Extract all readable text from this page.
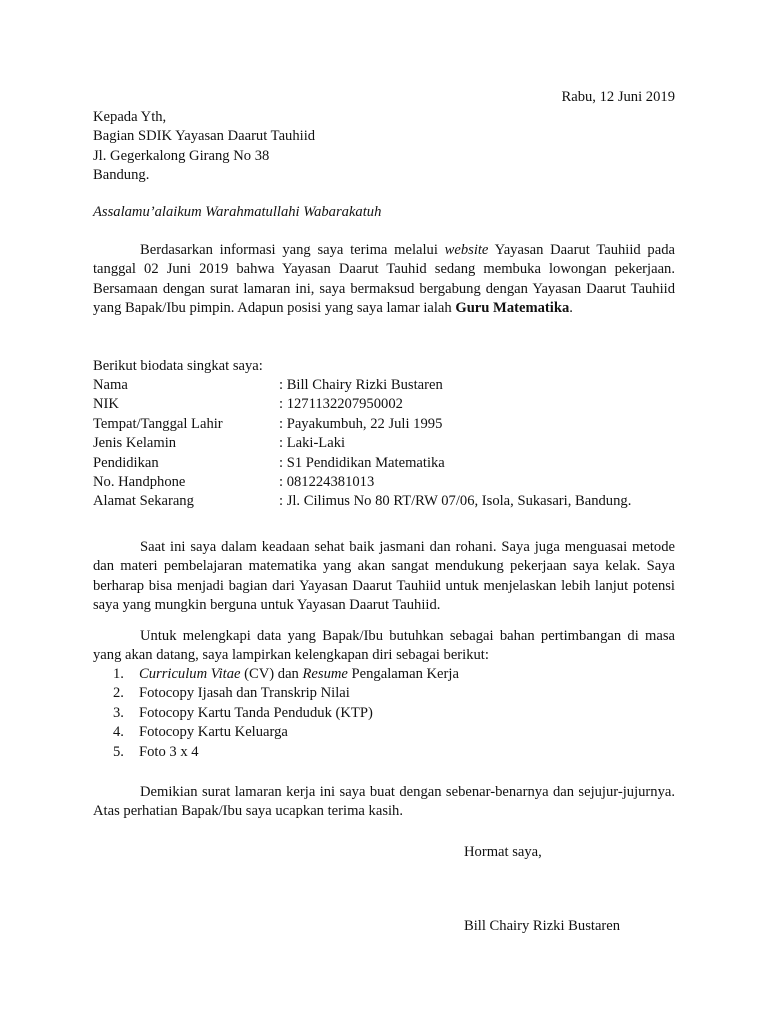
Rabu, 12 Juni 2019
Kepada Yth,
Bagian SDIK Yayasan Daarut Tauhiid
Jl. Gegerkalong Girang No 38
Bandung.
Assalamu’alaikum Warahmatullahi Wabarakatuh

Berdasarkan informasi yang saya terima melalui website Yayasan Daarut Tauhiid pada tanggal 02 Juni 2019 bahwa Yayasan Daarut Tauhid sedang membuka lowongan pekerjaan. Bersamaan dengan surat lamaran ini, saya bermaksud bergabung dengan Yayasan Daarut Tauhiid yang Bapak/Ibu pimpin. Adapun posisi yang saya lamar ialah Guru Matematika.

Berikut biodata singkat saya:
Nama	: Bill Chairy Rizki Bustaren
NIK	: 1271132207950002
Tempat/Tanggal Lahir	: Payakumbuh, 22 Juli 1995
Jenis Kelamin	: Laki-Laki
Pendidikan	: S1 Pendidikan Matematika
No. Handphone	: 081224381013
Alamat Sekarang	: Jl. Cilimus No 80 RT/RW 07/06, Isola, Sukasari, Bandung.

Saat ini saya dalam keadaan sehat baik jasmani dan rohani. Saya juga menguasai metode dan materi pembelajaran matematika yang akan sangat mendukung pekerjaan saya kelak. Saya berharap bisa menjadi bagian dari Yayasan Daarut Tauhiid untuk menjelaskan lebih lanjut potensi saya yang mungkin berguna untuk Yayasan Daarut Tauhiid.

Untuk melengkapi data yang Bapak/Ibu butuhkan sebagai bahan pertimbangan di masa yang akan datang, saya lampirkan kelengkapan diri sebagai berikut:

1.	Curriculum Vitae (CV) dan Resume Pengalaman Kerja
2.	Fotocopy Ijasah dan Transkrip Nilai
3.	Fotocopy Kartu Tanda Penduduk (KTP)
4.	Fotocopy Kartu Keluarga
5.	Foto 3 x 4

Demikian surat lamaran kerja ini saya buat dengan sebenar-benarnya dan sejujur-jujurnya. Atas perhatian Bapak/Ibu saya ucapkan terima kasih.

Hormat saya,
Bill Chairy Rizki Bustaren
